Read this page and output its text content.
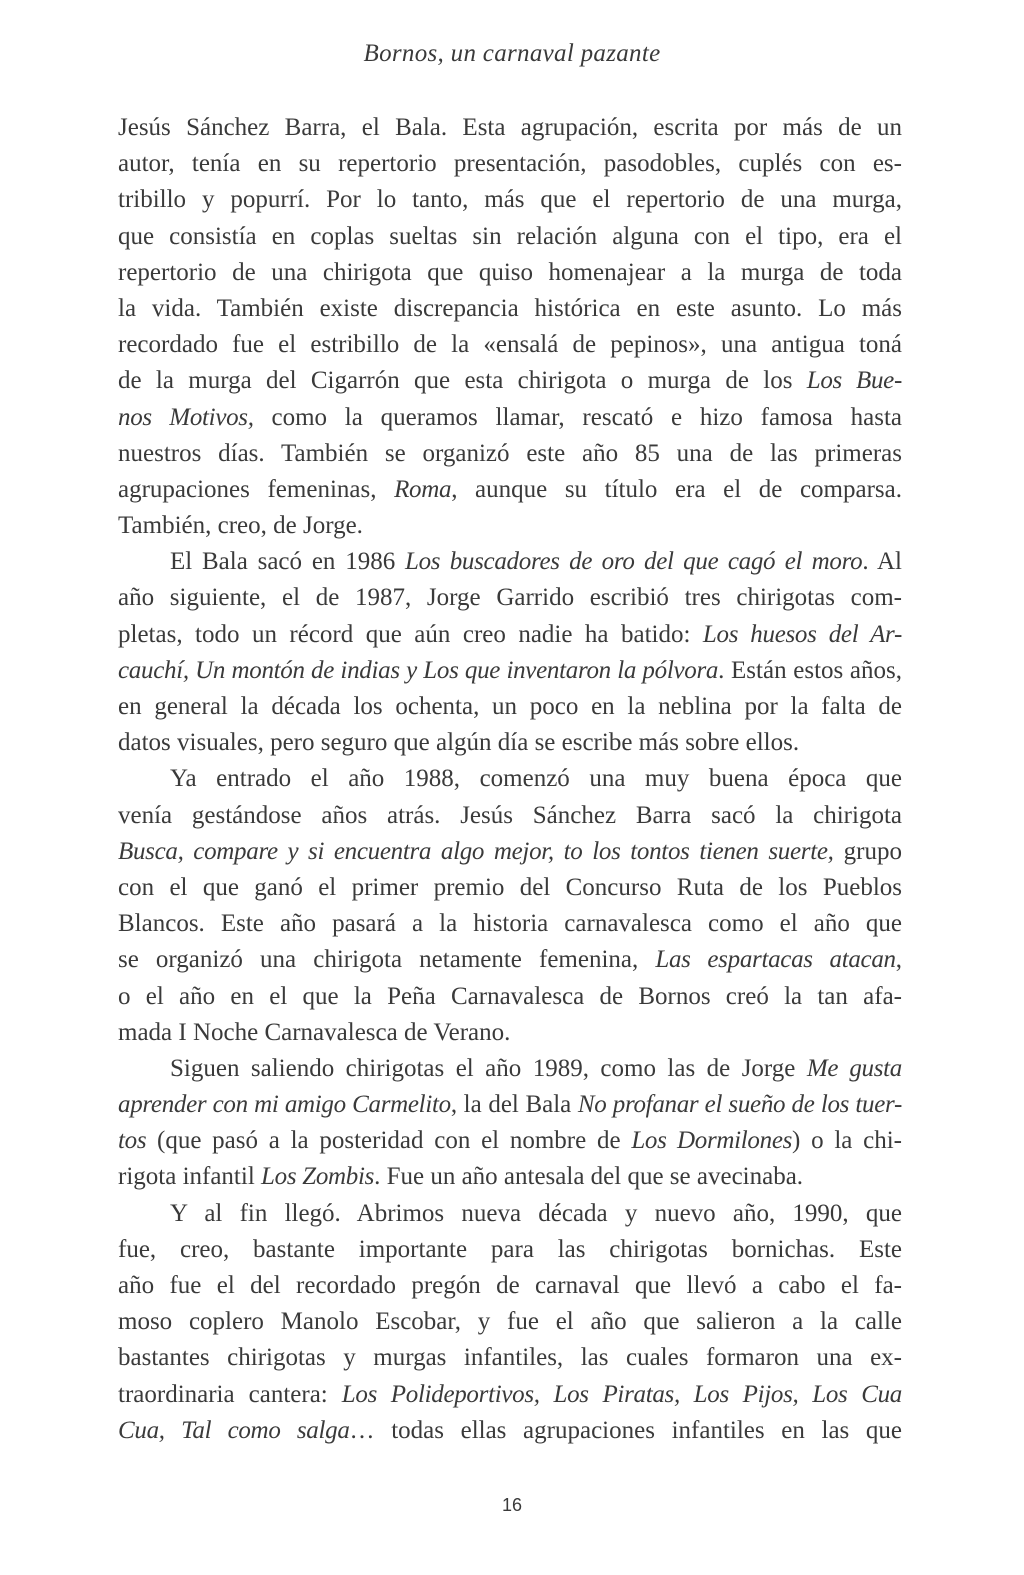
Bornos, un carnaval pazante
Jesús Sánchez Barra, el Bala. Esta agrupación, escrita por más de un
autor, tenía en su repertorio presentación, pasodobles, cuplés con es-
tribillo y popurrí. Por lo tanto, más que el repertorio de una murga,
que consistía en coplas sueltas sin relación alguna con el tipo, era el
repertorio de una chirigota que quiso homenajear a la murga de toda
la vida. También existe discrepancia histórica en este asunto. Lo más
recordado fue el estribillo de la «ensalá de pepinos», una antigua toná
de la murga del Cigarrón que esta chirigota o murga de los Los Bue-
nos Motivos, como la queramos llamar, rescató e hizo famosa hasta
nuestros días. También se organizó este año 85 una de las primeras
agrupaciones femeninas, Roma, aunque su título era el de comparsa.
También, creo, de Jorge.
El Bala sacó en 1986 Los buscadores de oro del que cagó el moro. Al
año siguiente, el de 1987, Jorge Garrido escribió tres chirigotas com-
pletas, todo un récord que aún creo nadie ha batido: Los huesos del Ar-
cauchí, Un montón de indias y Los que inventaron la pólvora. Están estos años,
en general la década los ochenta, un poco en la neblina por la falta de
datos visuales, pero seguro que algún día se escribe más sobre ellos.
Ya entrado el año 1988, comenzó una muy buena época que
venía gestándose años atrás. Jesús Sánchez Barra sacó la chirigota
Busca, compare y si encuentra algo mejor, to los tontos tienen suerte, grupo
con el que ganó el primer premio del Concurso Ruta de los Pueblos
Blancos. Este año pasará a la historia carnavalesca como el año que
se organizó una chirigota netamente femenina, Las espartacas atacan,
o el año en el que la Peña Carnavalesca de Bornos creó la tan afa-
mada I Noche Carnavalesca de Verano.
Siguen saliendo chirigotas el año 1989, como las de Jorge Me gusta
aprender con mi amigo Carmelito, la del Bala No profanar el sueño de los tuer-
tos (que pasó a la posteridad con el nombre de Los Dormilones) o la chi-
rigota infantil Los Zombis. Fue un año antesala del que se avecinaba.
Y al fin llegó. Abrimos nueva década y nuevo año, 1990, que
fue, creo, bastante importante para las chirigotas bornichas. Este
año fue el del recordado pregón de carnaval que llevó a cabo el fa-
moso coplero Manolo Escobar, y fue el año que salieron a la calle
bastantes chirigotas y murgas infantiles, las cuales formaron una ex-
traordinaria cantera: Los Polideportivos, Los Piratas, Los Pijos, Los Cua
Cua, Tal como salga… todas ellas agrupaciones infantiles en las que
16
